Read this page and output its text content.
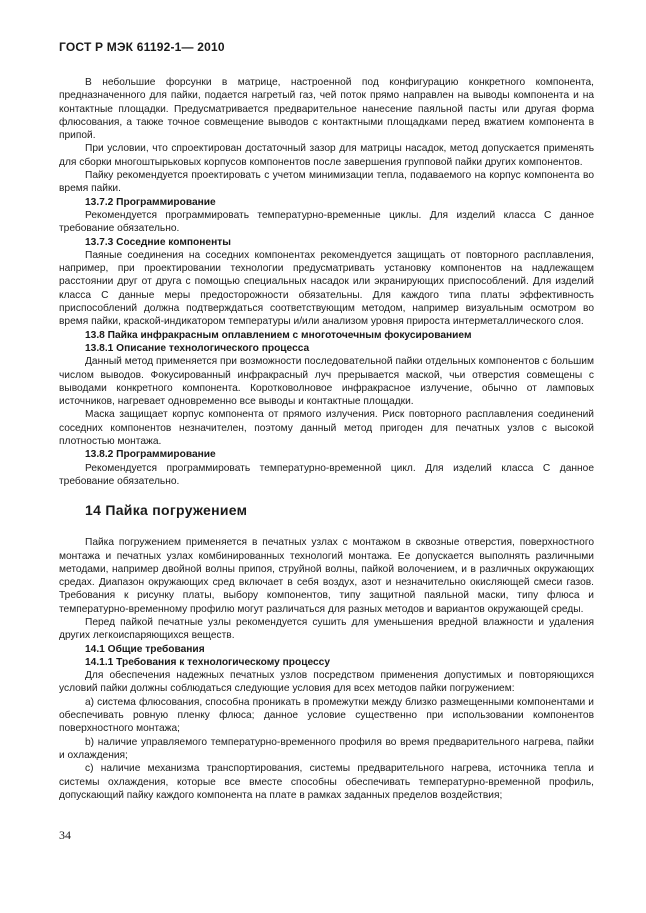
ГОСТ Р МЭК 61192-1— 2010

В небольшие форсунки в матрице, настроенной под конфигурацию конкретного компонента, предназначенного для пайки, подается нагретый газ, чей поток прямо направлен на выводы компонента и на контактные площадки. Предусматривается предварительное нанесение паяльной пасты или другая форма флюсования, а также точное совмещение выводов с контактными площадками перед вжатием компонента в припой.

При условии, что спроектирован достаточный зазор для матрицы насадок, метод допускается применять для сборки многоштырьковых корпусов компонентов после завершения групповой пайки других компонентов.

Пайку рекомендуется проектировать с учетом минимизации тепла, подаваемого на корпус компонента во время пайки.

13.7.2 Программирование

Рекомендуется программировать температурно-временные циклы. Для изделий класса С данное требование обязательно.

13.7.3 Соседние компоненты

Паяные соединения на соседних компонентах рекомендуется защищать от повторного расплавления, например, при проектировании технологии предусматривать установку компонентов на надлежащем расстоянии друг от друга с помощью специальных насадок или экранирующих приспособлений. Для изделий класса С данные меры предосторожности обязательны. Для каждого типа платы эффективность приспособлений должна подтверждаться соответствующим методом, например визуальным осмотром во время пайки, краской-индикатором температуры и/или анализом уровня прироста интерметаллического слоя.

13.8 Пайка инфракрасным оплавлением с многоточечным фокусированием
13.8.1 Описание технологического процесса

Данный метод применяется при возможности последовательной пайки отдельных компонентов с большим числом выводов. Фокусированный инфракрасный луч прерывается маской, чьи отверстия совмещены с выводами конкретного компонента. Коротковолновое инфракрасное излучение, обычно от ламповых источников, нагревает одновременно все выводы и контактные площадки.

Маска защищает корпус компонента от прямого излучения. Риск повторного расплавления соединений соседних компонентов незначителен, поэтому данный метод пригоден для печатных узлов с высокой плотностью монтажа.

13.8.2 Программирование

Рекомендуется программировать температурно-временной цикл. Для изделий класса С данное требование обязательно.

14 Пайка погружением

Пайка погружением применяется в печатных узлах с монтажом в сквозные отверстия, поверхностного монтажа и печатных узлах комбинированных технологий монтажа. Ее допускается выполнять различными методами, например двойной волны припоя, струйной волны, пайкой волочением, и в различных окружающих средах. Диапазон окружающих сред включает в себя воздух, азот и незначительно окисляющей смеси газов. Требования к рисунку платы, выбору компонентов, типу защитной паяльной маски, типу флюса и температурно-временному профилю могут различаться для разных методов и вариантов окружающей среды.

Перед пайкой печатные узлы рекомендуется сушить для уменьшения вредной влажности и удаления других легкоиспаряющихся веществ.

14.1 Общие требования
14.1.1 Требования к технологическому процессу

Для обеспечения надежных печатных узлов посредством применения допустимых и повторяющихся условий пайки должны соблюдаться следующие условия для всех методов пайки погружением:

а) система флюсования, способна проникать в промежутки между близко размещенными компонентами и обеспечивать ровную пленку флюса; данное условие существенно при использовании компонентов поверхностного монтажа;

b) наличие управляемого температурно-временного профиля во время предварительного нагрева, пайки и охлаждения;

с) наличие механизма транспортирования, системы предварительного нагрева, источника тепла и системы охлаждения, которые все вместе способны обеспечивать температурно-временной профиль, допускающий пайку каждого компонента на плате в рамках заданных пределов воздействия;

34
